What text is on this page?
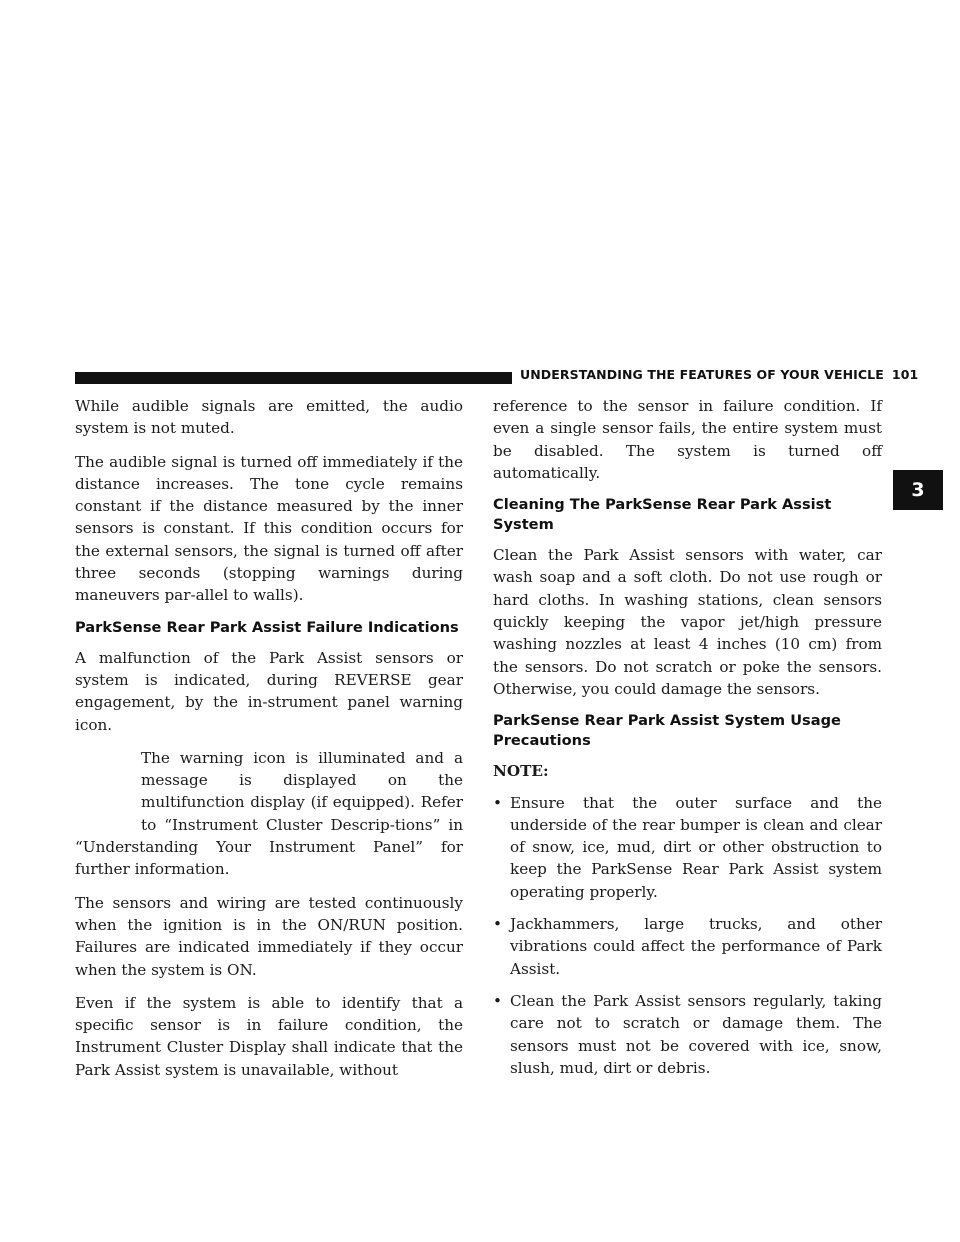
UNDERSTANDING THE FEATURES OF YOUR VEHICLE 101
3

While audible signals are emitted, the audio system is not muted.

The audible signal is turned off immediately if the distance increases. The tone cycle remains constant if the distance measured by the inner sensors is constant. If this condition occurs for the external sensors, the signal is turned off after three seconds (stopping warnings during maneuvers par-allel to walls).

ParkSense Rear Park Assist Failure Indications

A malfunction of the Park Assist sensors or system is indicated, during REVERSE gear engagement, by the in-strument panel warning icon.

The warning icon is illuminated and a message is displayed on the multifunction display (if equipped). Refer to “Instrument Cluster Descrip-tions” in “Understanding Your Instrument Panel” for further information.

The sensors and wiring are tested continuously when the ignition is in the ON/RUN position. Failures are indicated immediately if they occur when the system is ON.

Even if the system is able to identify that a specific sensor is in failure condition, the Instrument Cluster Display shall indicate that the Park Assist system is unavailable, without

reference to the sensor in failure condition. If even a single sensor fails, the entire system must be disabled. The system is turned off automatically.

Cleaning The ParkSense Rear Park Assist System

Clean the Park Assist sensors with water, car wash soap and a soft cloth. Do not use rough or hard cloths. In washing stations, clean sensors quickly keeping the vapor jet/high pressure washing nozzles at least 4 inches (10 cm) from the sensors. Do not scratch or poke the sensors. Otherwise, you could damage the sensors.

ParkSense Rear Park Assist System Usage Precautions

NOTE:

• Ensure that the outer surface and the underside of the rear bumper is clean and clear of snow, ice, mud, dirt or other obstruction to keep the ParkSense Rear Park Assist system operating properly.
• Jackhammers, large trucks, and other vibrations could affect the performance of Park Assist.
• Clean the Park Assist sensors regularly, taking care not to scratch or damage them. The sensors must not be covered with ice, snow, slush, mud, dirt or debris.
